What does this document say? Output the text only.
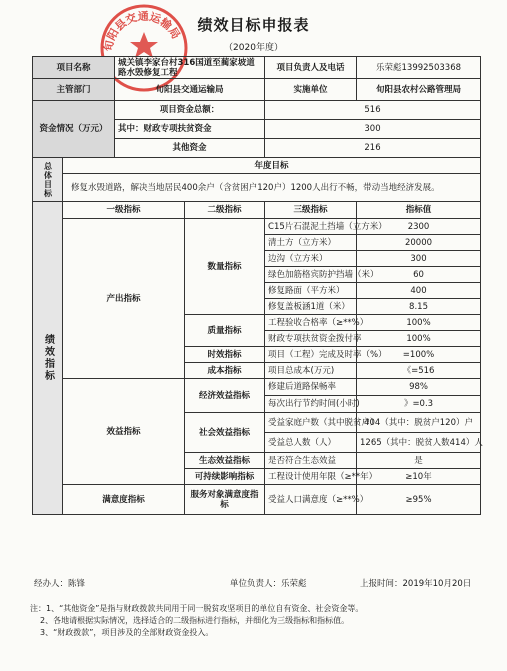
绩效目标申报表
（2020年度）
旬阳县交通运输局
项目名称		城关镇李家台村316国道至蔺家坡道路水毁修复工程		项目负责人及电话	乐荣彪13992503368
主管部门		旬阳县交通运输局		实施单位	旬阳县农村公路管理局
资金情况（万元）		项目资金总额：		516	
		其中：财政专项扶贫资金		300	
		其他资金		216	
总体目标	年度目标				
	修复水毁道路，解决当地居民400余户（含贫困户120户）1200人出行不畅，带动当地经济发展。				
绩效指标	一级指标		二级指标	三级指标	指标值
	产出指标		数量指标	C15片石混泥土挡墙（立方米）	2300
				清土方（立方米）	20000
				边沟（立方米）	300
				绿色加筋格宾防护挡墙（米）	60
				修复路面（平方米）	400
				修复盖板涵1道（米）	8.15
			质量指标	工程验收合格率（≥**%）	100%
				财政专项扶贫资金拨付率	100%
			时效指标	项目（工程）完成及时率（%）	=100%
			成本指标	项目总成本(万元)	《=516
	效益指标		经济效益指标	修建后道路保畅率	98%
				每次出行节约时间(小时)	》=0.3
			社会效益指标	受益家庭户数（其中脱贫户）	404（其中：脱贫户120）户
				受益总人数（人）	1265（其中：脱贫人数414）人
			生态效益指标	是否符合生态效益	是
			可持续影响指标	工程设计使用年限（≥**年）	≥10年
	满意度指标		服务对象满意度指标	受益人口满意度（≥**%）	≥95%
经办人：陈锋	单位负责人：乐荣彪	上报时间：2019年10月20日
注：1、“其他资金”是指与财政拨款共同用于同一脱贫攻坚项目的单位自有资金、社会资金等。
2、各地请根据实际情况，选择适合的二级指标进行指标，并细化为三级指标和指标值。
3、“财政拨款”，项目涉及的全部财政资金投入。
